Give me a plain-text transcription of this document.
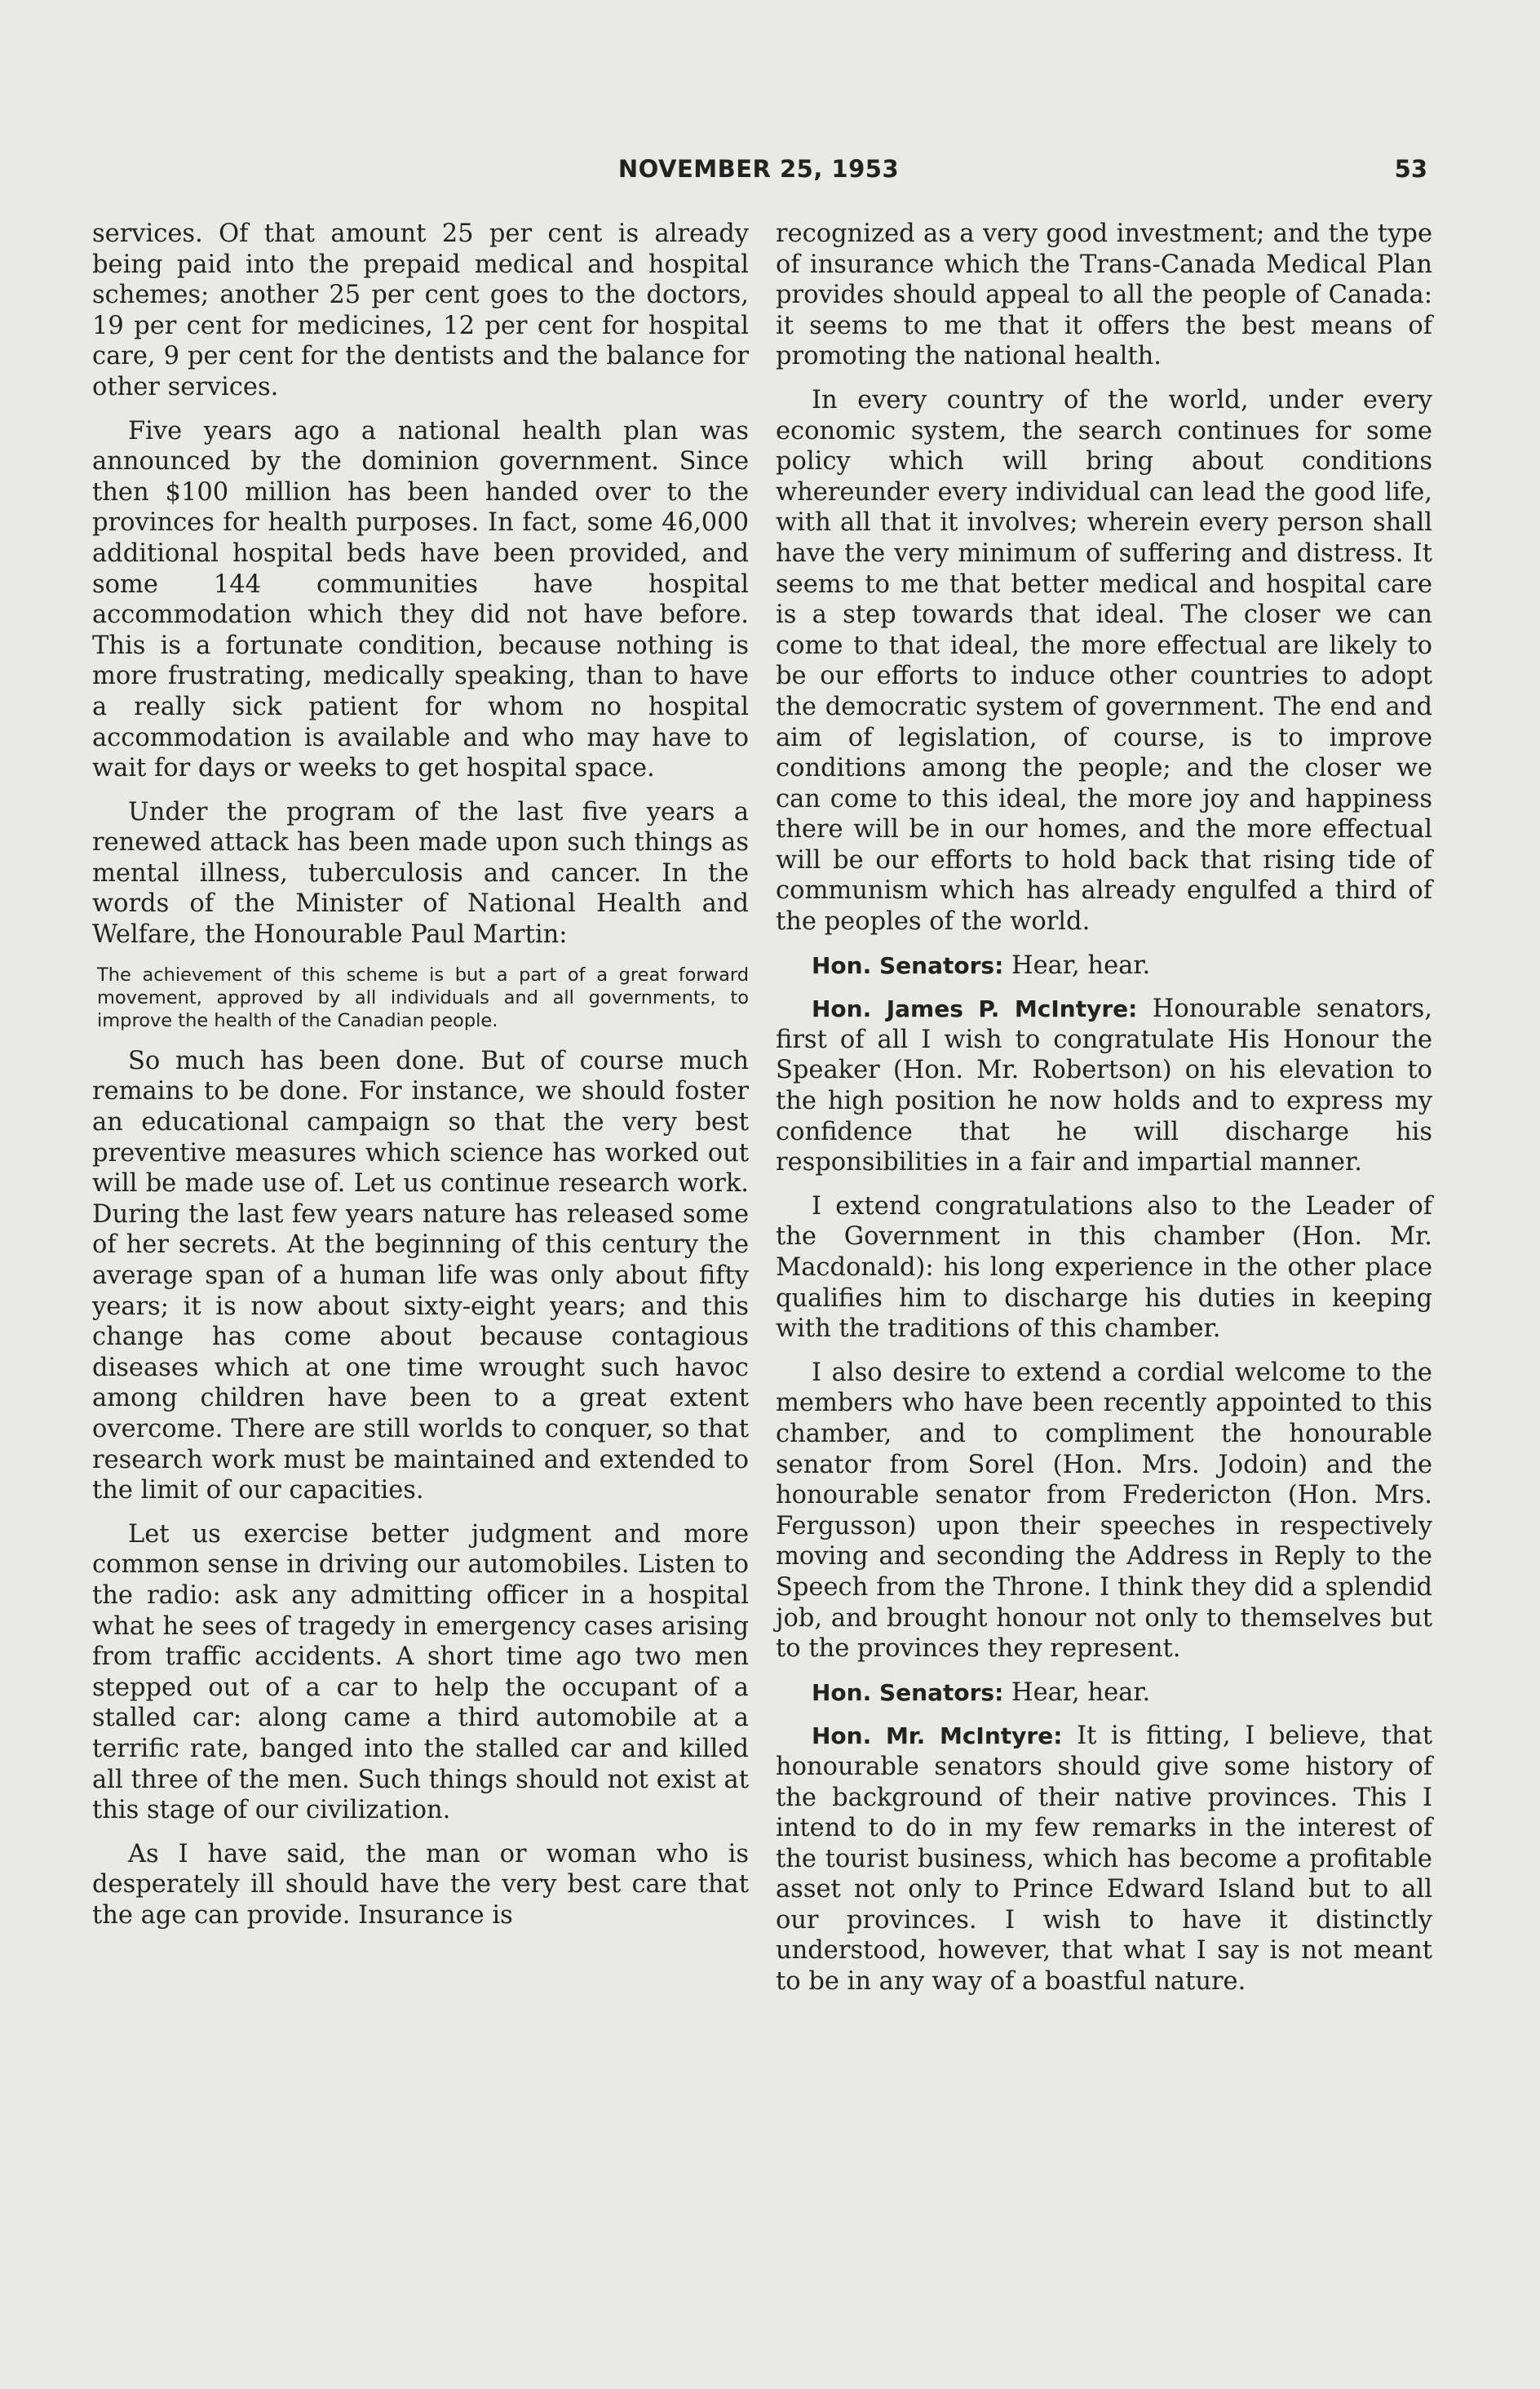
NOVEMBER 25, 1953	53

services. Of that amount 25 per cent is already being paid into the prepaid medical and hospital schemes; another 25 per cent goes to the doctors, 19 per cent for medicines, 12 per cent for hospital care, 9 per cent for the dentists and the balance for other services.

Five years ago a national health plan was announced by the dominion government. Since then $100 million has been handed over to the provinces for health purposes. In fact, some 46,000 additional hospital beds have been provided, and some 144 communities have hospital accommodation which they did not have before. This is a fortunate condition, because nothing is more frustrating, medically speaking, than to have a really sick patient for whom no hospital accommodation is available and who may have to wait for days or weeks to get hospital space.

Under the program of the last five years a renewed attack has been made upon such things as mental illness, tuberculosis and cancer. In the words of the Minister of National Health and Welfare, the Honourable Paul Martin:

The achievement of this scheme is but a part of a great forward movement, approved by all individuals and all governments, to improve the health of the Canadian people.

So much has been done. But of course much remains to be done. For instance, we should foster an educational campaign so that the very best preventive measures which science has worked out will be made use of. Let us continue research work. During the last few years nature has released some of her secrets. At the beginning of this century the average span of a human life was only about fifty years; it is now about sixty-eight years; and this change has come about because contagious diseases which at one time wrought such havoc among children have been to a great extent overcome. There are still worlds to conquer, so that research work must be maintained and extended to the limit of our capacities.

Let us exercise better judgment and more common sense in driving our automobiles. Listen to the radio: ask any admitting officer in a hospital what he sees of tragedy in emergency cases arising from traffic accidents. A short time ago two men stepped out of a car to help the occupant of a stalled car: along came a third automobile at a terrific rate, banged into the stalled car and killed all three of the men. Such things should not exist at this stage of our civilization.

As I have said, the man or woman who is desperately ill should have the very best care that the age can provide. Insurance is

recognized as a very good investment; and the type of insurance which the Trans-Canada Medical Plan provides should appeal to all the people of Canada: it seems to me that it offers the best means of promoting the national health.

In every country of the world, under every economic system, the search continues for some policy which will bring about conditions whereunder every individual can lead the good life, with all that it involves; wherein every person shall have the very minimum of suffering and distress. It seems to me that better medical and hospital care is a step towards that ideal. The closer we can come to that ideal, the more effectual are likely to be our efforts to induce other countries to adopt the democratic system of government. The end and aim of legislation, of course, is to improve conditions among the people; and the closer we can come to this ideal, the more joy and happiness there will be in our homes, and the more effectual will be our efforts to hold back that rising tide of communism which has already engulfed a third of the peoples of the world.

Hon. Senators: Hear, hear.

Hon. James P. McIntyre: Honourable senators, first of all I wish to congratulate His Honour the Speaker (Hon. Mr. Robertson) on his elevation to the high position he now holds and to express my confidence that he will discharge his responsibilities in a fair and impartial manner.

I extend congratulations also to the Leader of the Government in this chamber (Hon. Mr. Macdonald): his long experience in the other place qualifies him to discharge his duties in keeping with the traditions of this chamber.

I also desire to extend a cordial welcome to the members who have been recently appointed to this chamber, and to compliment the honourable senator from Sorel (Hon. Mrs. Jodoin) and the honourable senator from Fredericton (Hon. Mrs. Fergusson) upon their speeches in respectively moving and seconding the Address in Reply to the Speech from the Throne. I think they did a splendid job, and brought honour not only to themselves but to the provinces they represent.

Hon. Senators: Hear, hear.

Hon. Mr. McIntyre: It is fitting, I believe, that honourable senators should give some history of the background of their native provinces. This I intend to do in my few remarks in the interest of the tourist business, which has become a profitable asset not only to Prince Edward Island but to all our provinces. I wish to have it distinctly understood, however, that what I say is not meant to be in any way of a boastful nature.
